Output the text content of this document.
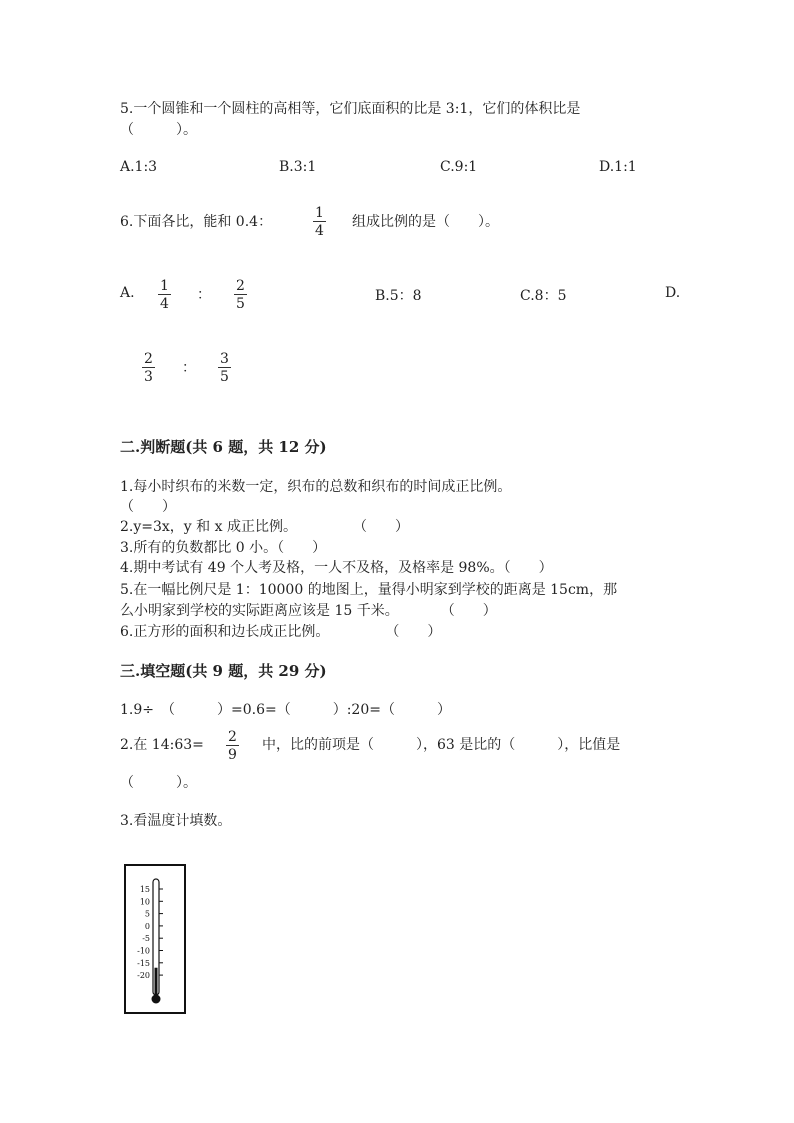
5.一个圆锥和一个圆柱的高相等，它们底面积的比是 3:1，它们的体积比是
（　　　）。
A.1:3	B.3:1	C.9:1	D.1:1
6.下面各比，能和 0.4：	$\frac{1}{4}$ 组成比例的是（　　）。
A. $\frac{1}{4}$ ： $\frac{2}{5}$	B.5：8	C.8：5	D.
$\frac{2}{3}$ ： $\frac{3}{5}$
二.判断题(共 6 题，共 12 分)
1.每小时织布的米数一定，织布的总数和织布的时间成正比例。
（　　）
2.y=3x，y 和 x 成正比例。　　　　　（　　）
3.所有的负数都比 0 小。（　　）
4.期中考试有 49 个人考及格，一人不及格，及格率是 98%。（　　）
5.在一幅比例尺是 1：10000 的地图上，量得小明家到学校的距离是 15cm，那
么小明家到学校的实际距离应该是 15 千米。　　　　（　　）
6.正方形的面积和边长成正比例。　　　　　（　　）
三.填空题(共 9 题，共 29 分)
1.9÷　（　　　）=0.6=（　　　）:20=（　　　）
2.在 14:63= $\frac{2}{9}$ 中，比的前项是（　　　），63 是比的（　　　），比值是
（　　　）。
3.看温度计填数。
15
10
5
0
-5
-10
-15
-20
